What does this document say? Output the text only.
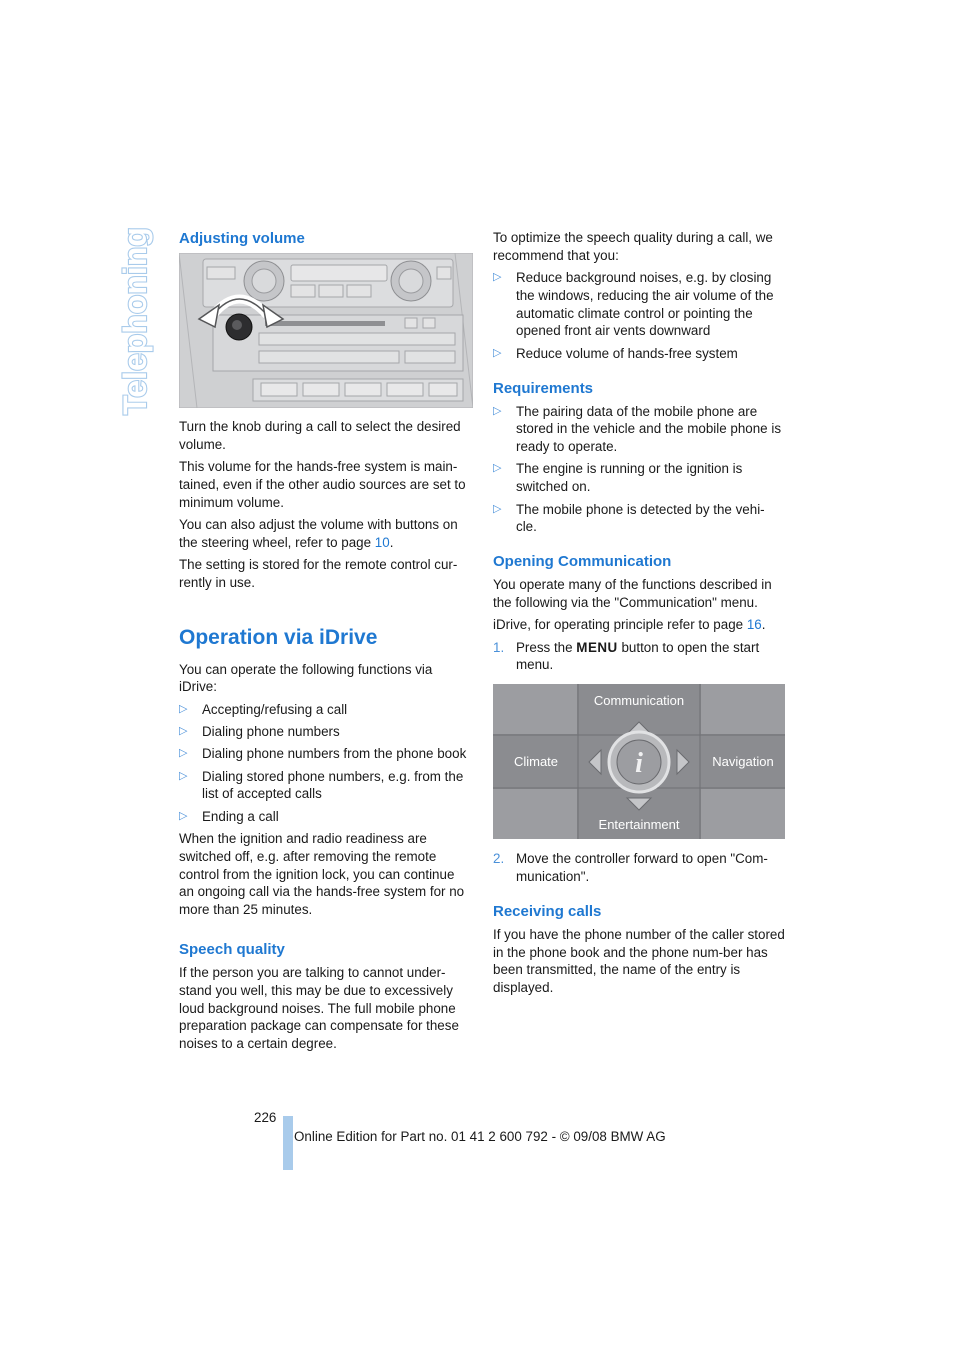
Telephoning Adjusting volume

Turn the knob during a call to select the desired volume.

This volume for the hands-free system is main-tained, even if the other audio sources are set to minimum volume.

You can also adjust the volume with buttons on the steering wheel, refer to page 10.

The setting is stored for the remote control cur-rently in use.

Operation via iDrive

You can operate the following functions via iDrive:

▷ Accepting/refusing a call
▷ Dialing phone numbers
▷ Dialing phone numbers from the phone book
▷ Dialing stored phone numbers, e.g. from the list of accepted calls
▷ Ending a call

When the ignition and radio readiness are switched off, e.g. after removing the remote control from the ignition lock, you can continue an ongoing call via the hands-free system for no more than 25 minutes.

Speech quality

If the person you are talking to cannot under-stand you well, this may be due to excessively loud background noises. The full mobile phone preparation package can compensate for these noises to a certain degree.

To optimize the speech quality during a call, we recommend that you:

▷ Reduce background noises, e.g. by closing the windows, reducing the air volume of the automatic climate control or pointing the opened front air vents downward
▷ Reduce volume of hands-free system
Requirements
▷ The pairing data of the mobile phone are stored in the vehicle and the mobile phone is ready to operate.
▷ The engine is running or the ignition is switched on.
▷ The mobile phone is detected by the vehi-cle.
Opening Communication

You operate many of the functions described in the following via the "Communication" menu.

iDrive, for operating principle refer to page 16.

1. Press the MENU button to open the start menu.
i
Communication
Climate	Navigation
Entertainment
2. Move the controller forward to open "Com-munication".
Receiving calls

If you have the phone number of the caller stored in the phone book and the phone num-ber has been transmitted, the name of the entry is displayed.

226
Online Edition for Part no. 01 41 2 600 792 - © 09/08 BMW AG
